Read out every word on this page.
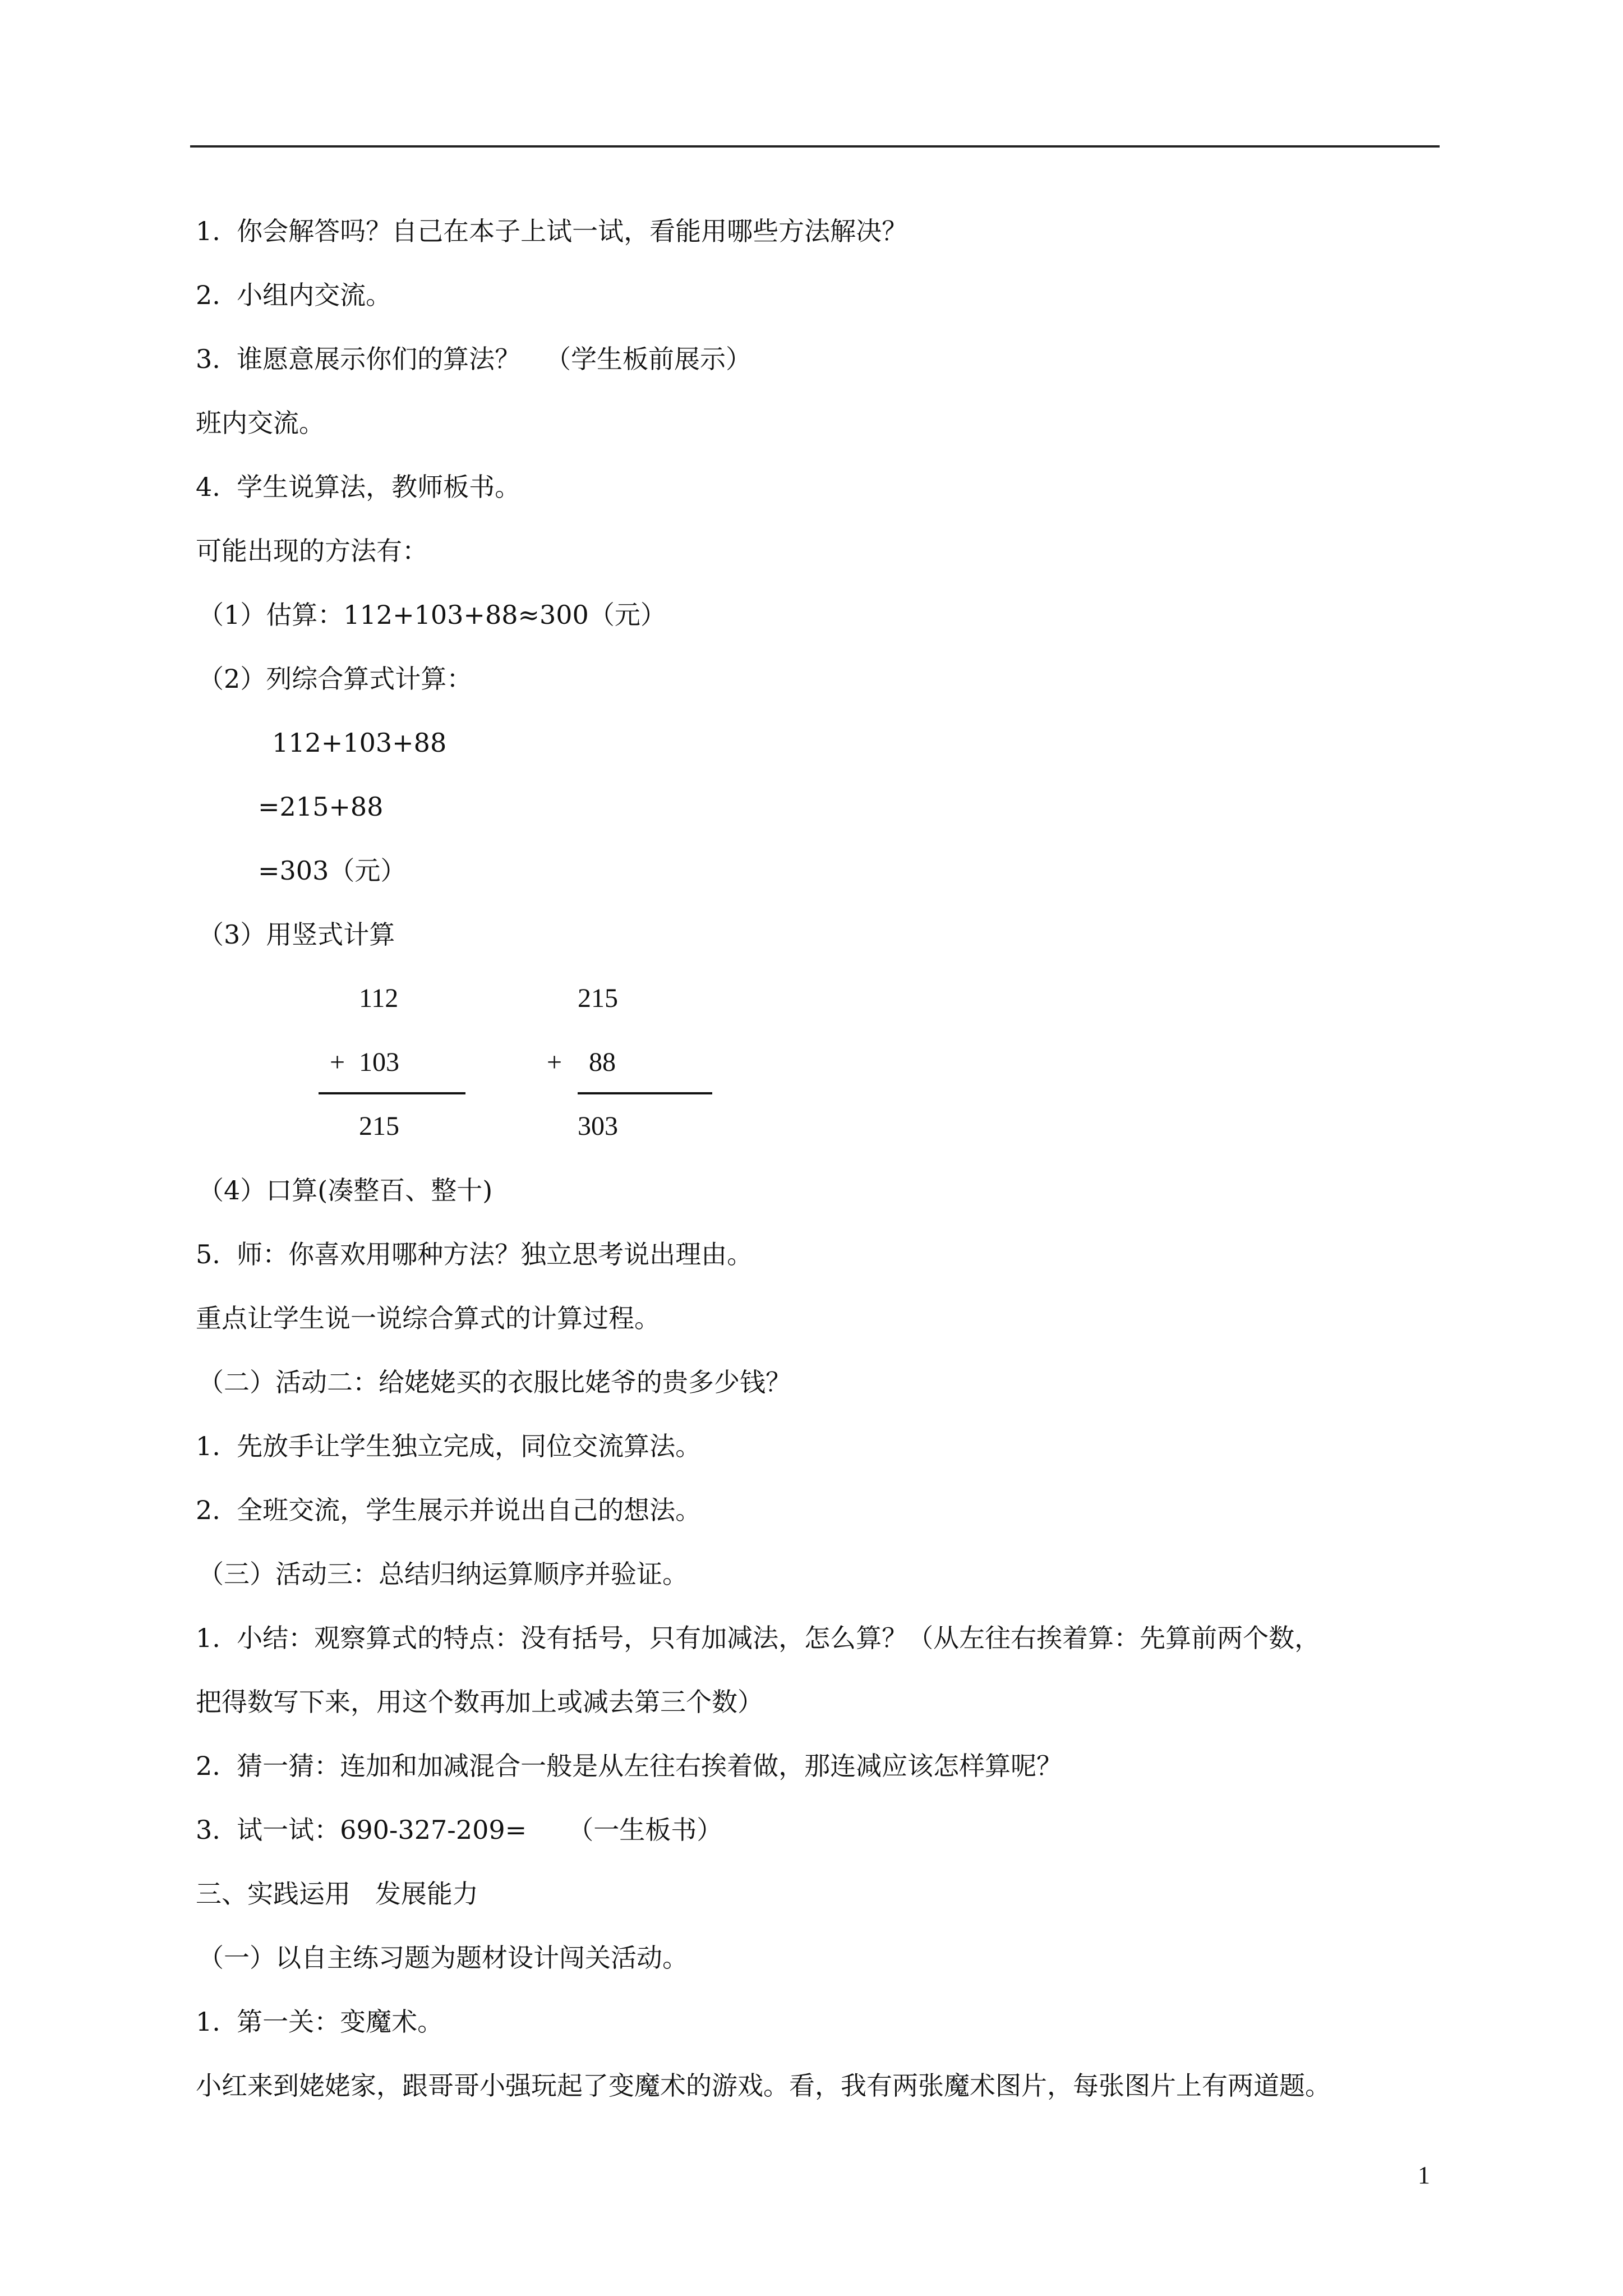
1.  你会解答吗？自己在本子上试一试，看能用哪些方法解决？
2.  小组内交流。
3.  谁愿意展示你们的算法？   （学生板前展示）
班内交流。
4.  学生说算法，教师板书。
可能出现的方法有：
（1）估算：112+103+88≈300（元）
（2）列综合算式计算：
112+103+88
=215+88
=303（元）
（3）用竖式计算
112
+ 103
215
215
+ 88
303
（4）口算(凑整百、整十)
5.  师：你喜欢用哪种方法？独立思考说出理由。
重点让学生说一说综合算式的计算过程。
（二）活动二：给姥姥买的衣服比姥爷的贵多少钱？
1.  先放手让学生独立完成，同位交流算法。
2.  全班交流，学生展示并说出自己的想法。
（三）活动三：总结归纳运算顺序并验证。
1.  小结：观察算式的特点：没有括号，只有加减法，怎么算？（从左往右挨着算：先算前两个数，
把得数写下来，用这个数再加上或减去第三个数）
2.  猜一猜：连加和加减混合一般是从左往右挨着做，那连减应该怎样算呢？
3.  试一试：690-327-209=     （一生板书）
三、实践运用   发展能力
（一）以自主练习题为题材设计闯关活动。
1.  第一关：变魔术。
小红来到姥姥家，跟哥哥小强玩起了变魔术的游戏。看，我有两张魔术图片，每张图片上有两道题。
1
